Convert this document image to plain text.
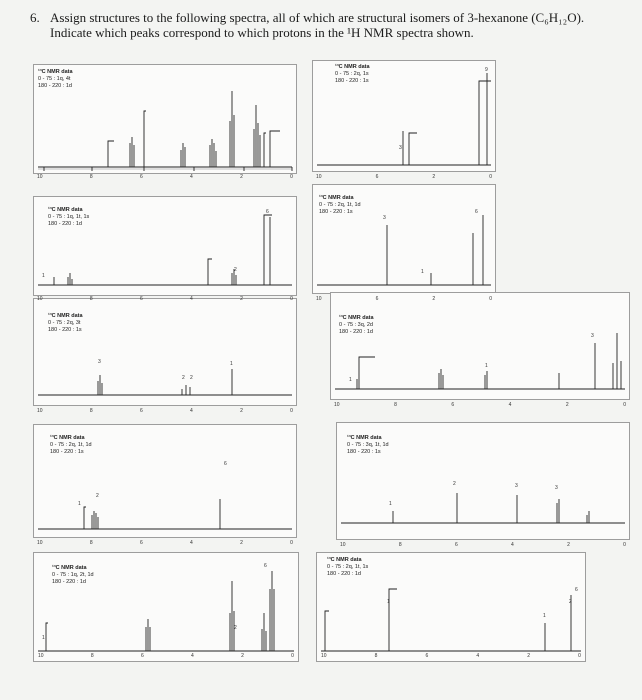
6. Assign structures to the following spectra, all of which are structural isomers of 3-hexanone (C₆H₁₂O).
Indicate which peaks correspond to which protons in the ¹H NMR spectra shown.
¹³C NMR data
0 - 75 : 1q, 4t
180 - 220 : 1d
¹³C NMR data
0 - 75 : 2q, 1s
180 - 220 : 1s
3
9
¹³C NMR data
0 - 75 : 1q, 1t, 1s
180 - 220 : 1d
1
2
6
¹³C NMR data
0 - 75 : 2q, 1t, 1d
180 - 220 : 1s
3
1
6
¹³C NMR data
0 - 75 : 2q, 3t
180 - 220 : 1s
3
2 2
1
¹³C NMR data
0 - 75 : 3q, 2d
180 - 220 : 1d
1
1
3
¹³C NMR data
0 - 75 : 2q, 1t, 1d
180 - 220 : 1s
1
2
6
¹³C NMR data
0 - 75 : 3q, 1t, 1d
180 - 220 : 1s
1
2	3	3
¹³C NMR data
0 - 75 : 1q, 2t, 1d
180 - 220 : 1d
1
2
6
10	8	6	4	2	0
¹³C NMR data
0 - 75 : 2q, 1t, 1s
180 - 220 : 1d
1
1
2
6
10	8	6	4	2	0
10	8	6	4	2	0
10	8	6	4	2	0
10	8	6	4	2	0
10	8	6	4	2	0
10	6	2	0
10	6	2	0
10	8	6	4	2	0
10	8	6	4	2	0
